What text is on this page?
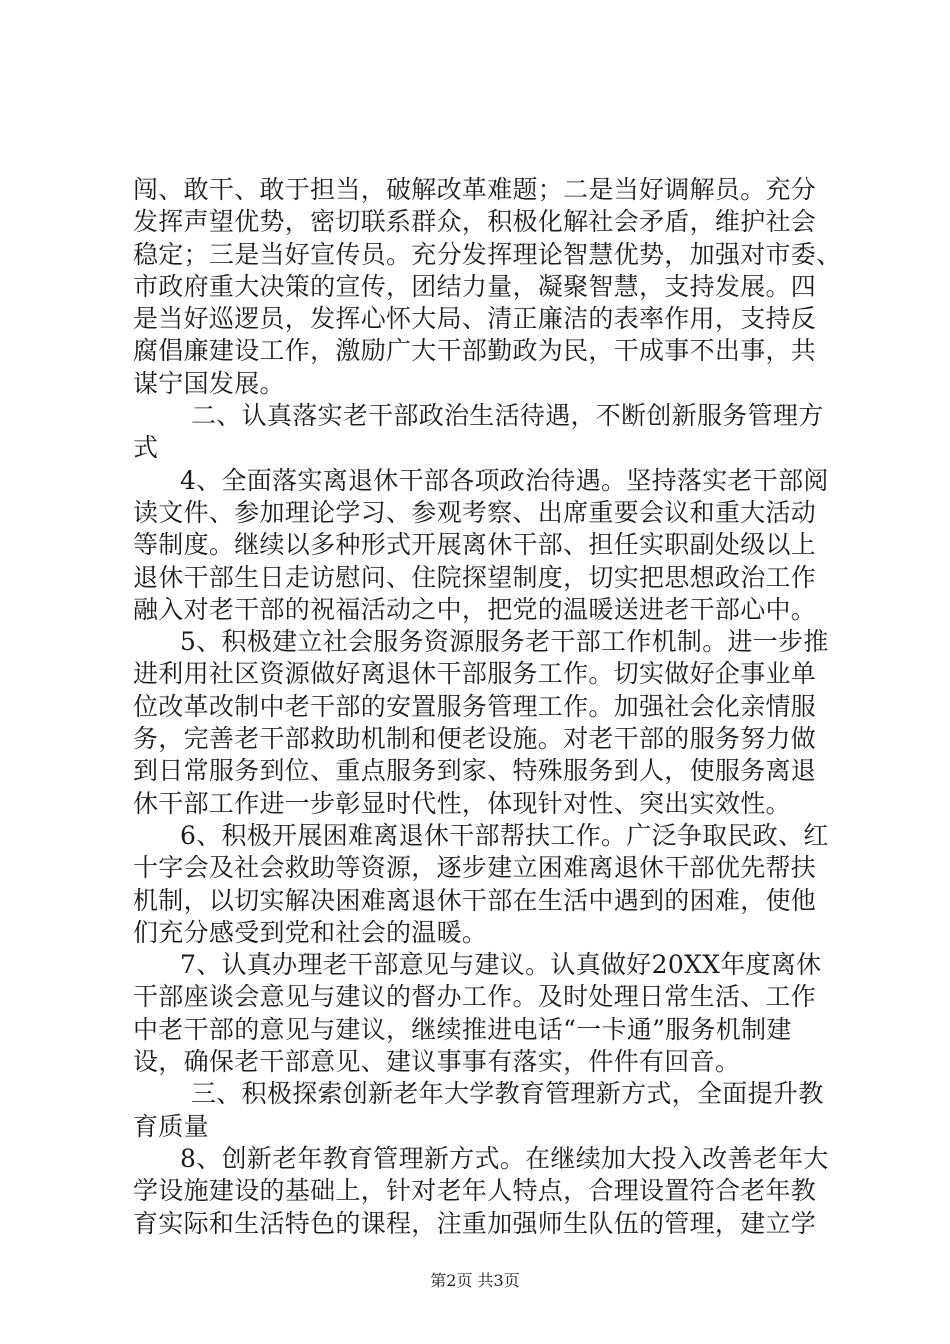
闯、敢干、敢于担当，破解改革难题；二是当好调解员。充分
发挥声望优势，密切联系群众，积极化解社会矛盾，维护社会
稳定；三是当好宣传员。充分发挥理论智慧优势，加强对市委、
市政府重大决策的宣传，团结力量，凝聚智慧，支持发展。四
是当好巡逻员，发挥心怀大局、清正廉洁的表率作用，支持反
腐倡廉建设工作，激励广大干部勤政为民，干成事不出事，共
谋宁国发展。
二、认真落实老干部政治生活待遇，不断创新服务管理方
式
4、全面落实离退休干部各项政治待遇。坚持落实老干部阅
读文件、参加理论学习、参观考察、出席重要会议和重大活动
等制度。继续以多种形式开展离休干部、担任实职副处级以上
退休干部生日走访慰问、住院探望制度，切实把思想政治工作
融入对老干部的祝福活动之中，把党的温暖送进老干部心中。
5、积极建立社会服务资源服务老干部工作机制。进一步推
进利用社区资源做好离退休干部服务工作。切实做好企事业单
位改革改制中老干部的安置服务管理工作。加强社会化亲情服
务，完善老干部救助机制和便老设施。对老干部的服务努力做
到日常服务到位、重点服务到家、特殊服务到人，使服务离退
休干部工作进一步彰显时代性，体现针对性、突出实效性。
6、积极开展困难离退休干部帮扶工作。广泛争取民政、红
十字会及社会救助等资源，逐步建立困难离退休干部优先帮扶
机制，以切实解决困难离退休干部在生活中遇到的困难，使他
们充分感受到党和社会的温暖。
7、认真办理老干部意见与建议。认真做好20XX年度离休
干部座谈会意见与建议的督办工作。及时处理日常生活、工作
中老干部的意见与建议，继续推进电话“一卡通”服务机制建
设，确保老干部意见、建议事事有落实，件件有回音。
三、积极探索创新老年大学教育管理新方式，全面提升教
育质量
8、创新老年教育管理新方式。在继续加大投入改善老年大
学设施建设的基础上，针对老年人特点，合理设置符合老年教
育实际和生活特色的课程，注重加强师生队伍的管理，建立学
第2页 共3页
